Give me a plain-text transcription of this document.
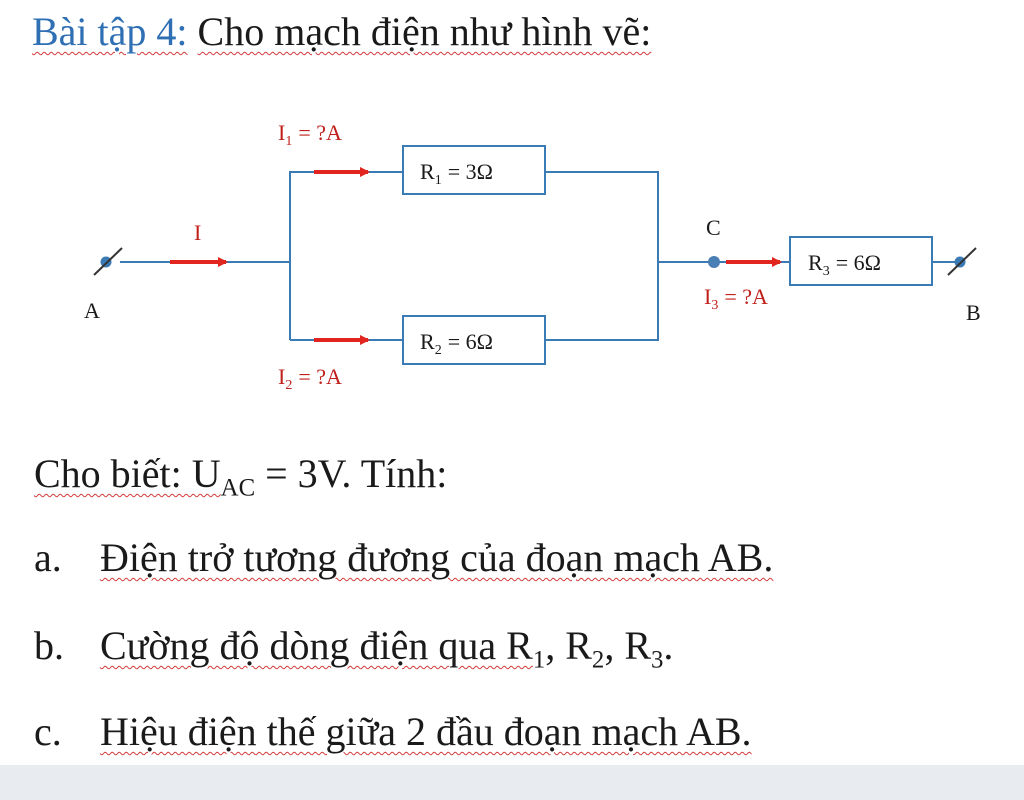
Bài tập 4: Cho mạch điện như hình vẽ:
A	B
C
$R_1 = 3\Omega$
$R_2 = 6\Omega$
$R_3 = 6\Omega$
I
$I_1$ = ?A
$I_2$ = ?A
$I_3$ = ?A
Cho biết: $U_{AC} = 3V$. Tính:
a. Điện trở tương đương của đoạn mạch AB.
b. Cường độ dòng điện qua $R_1$, $R_2$, $R_3$.
c. Hiệu điện thế giữa 2 đầu đoạn mạch AB.
